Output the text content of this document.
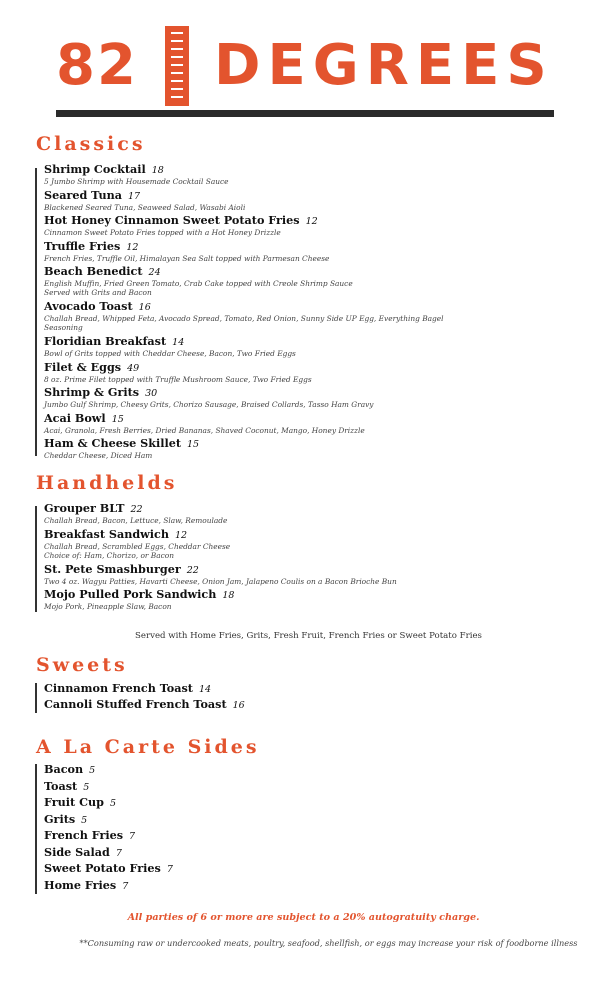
82 DEGREES
Classics
Shrimp Cocktail 18
5 Jumbo Shrimp with Housemade Cocktail Sauce
Seared Tuna 17
Blackened Seared Tuna, Seaweed Salad, Wasabi Aioli
Hot Honey Cinnamon Sweet Potato Fries 12
Cinnamon Sweet Potato Fries topped with a Hot Honey Drizzle
Truffle Fries 12
French Fries, Truffle Oil, Himalayan Sea Salt topped with Parmesan Cheese
Beach Benedict 24
English Muffin, Fried Green Tomato, Crab Cake topped with Creole Shrimp Sauce
Served with Grits and Bacon
Avocado Toast 16
Challah Bread, Whipped Feta, Avocado Spread, Tomato, Red Onion, Sunny Side UP Egg, Everything Bagel
Seasoning
Floridian Breakfast 14
Bowl of Grits topped with Cheddar Cheese, Bacon, Two Fried Eggs
Filet & Eggs 49
8 oz. Prime Filet topped with Truffle Mushroom Sauce, Two Fried Eggs
Shrimp & Grits 30
Jumbo Gulf Shrimp, Cheesy Grits, Chorizo Sausage, Braised Collards, Tasso Ham Gravy
Acai Bowl 15
Acai, Granola, Fresh Berries, Dried Bananas, Shaved Coconut, Mango, Honey Drizzle
Ham & Cheese Skillet 15
Cheddar Cheese, Diced Ham
Handhelds
Grouper BLT 22
Challah Bread, Bacon, Lettuce, Slaw, Remoulade
Breakfast Sandwich 12
Challah Bread, Scrambled Eggs, Cheddar Cheese
Choice of: Ham, Chorizo, or Bacon
St. Pete Smashburger 22
Two 4 oz. Wagyu Patties, Havarti Cheese, Onion Jam, Jalapeno Coulis on a Bacon Brioche Bun
Mojo Pulled Pork Sandwich 18
Mojo Pork, Pineapple Slaw, Bacon
Served with Home Fries, Grits, Fresh Fruit, French Fries or Sweet Potato Fries
Sweets
Cinnamon French Toast 14
Cannoli Stuffed French Toast 16
A La Carte Sides
Bacon 5
Toast 5
Fruit Cup 5
Grits 5
French Fries 7
Side Salad 7
Sweet Potato Fries 7
Home Fries 7
All parties of 6 or more are subject to a 20% autogratuity charge.
**Consuming raw or undercooked meats, poultry, seafood, shellfish, or eggs may increase your risk of foodborne illness
